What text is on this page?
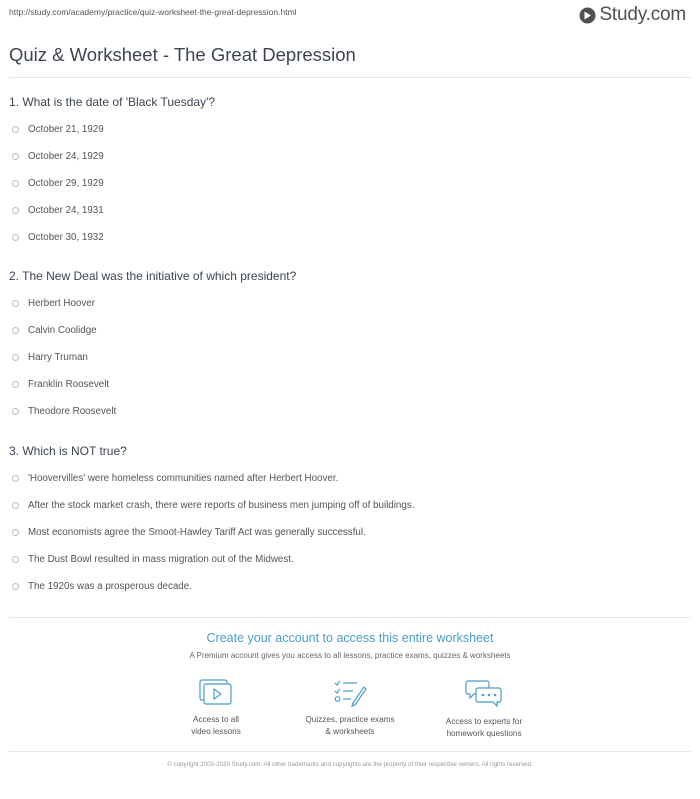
http://study.com/academy/practice/quiz-worksheet-the-great-depression.html	Study.com
Quiz & Worksheet - The Great Depression
1. What is the date of 'Black Tuesday'?
October 21, 1929
October 24, 1929
October 29, 1929
October 24, 1931
October 30, 1932
2. The New Deal was the initiative of which president?
Herbert Hoover
Calvin Coolidge
Harry Truman
Franklin Roosevelt
Theodore Roosevelt
3. Which is NOT true?
'Hoovervilles' were homeless communities named after Herbert Hoover.
After the stock market crash, there were reports of business men jumping off of buildings.
Most economists agree the Smoot-Hawley Tariff Act was generally successful.
The Dust Bowl resulted in mass migration out of the Midwest.
The 1920s was a prosperous decade.
Create your account to access this entire worksheet
A Premium account gives you access to all lessons, practice exams, quizzes & worksheets
Access to all
video lessons
Quizzes, practice exams
& worksheets
Access to experts for
homework questions
© copyright 2003-2020 Study.com. All other trademarks and copyrights are the property of their respective owners. All rights reserved.
